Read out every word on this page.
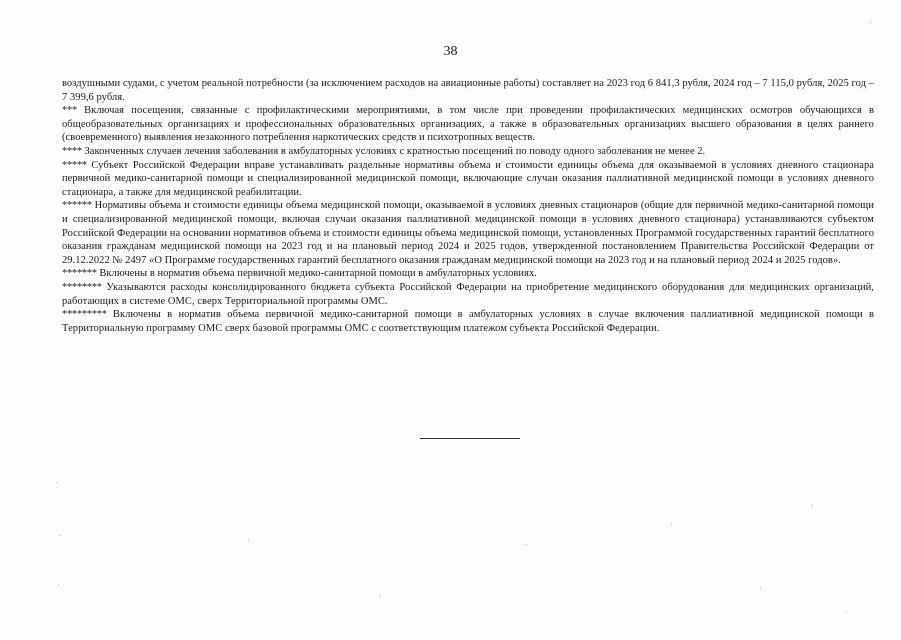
38

воздушными судами, с учетом реальной потребности (за исключением расходов на авиационные работы) составляет на 2023 год 6 841,3 рубля, 2024 год – 7 115,0 рубля, 2025 год – 7 399,6 рубля.

*** Включая посещения, связанные с профилактическими мероприятиями, в том числе при проведении профилактических медицинских осмотров обучающихся в общеобразовательных организациях и профессиональных образовательных организациях, а также в образовательных организациях высшего образования в целях раннего (своевременного) выявления незаконного потребления наркотических средств и психотропных веществ.

**** Законченных случаев лечения заболевания в амбулаторных условиях с кратностью посещений по поводу одного заболевания не менее 2.

***** Субъект Российской Федерации вправе устанавливать раздельные нормативы объема и стоимости единицы объема для оказываемой в условиях дневного стационара первичной медико-санитарной помощи и специализированной медицинской помощи, включающие случаи оказания паллиативной медицинской помощи в условиях дневного стационара, а также для медицинской реабилитации.

****** Нормативы объема и стоимости единицы объема медицинской помощи, оказываемой в условиях дневных стационаров (общие для первичной медико-санитарной помощи и специализированной медицинской помощи, включая случаи оказания паллиативной медицинской помощи в условиях дневного стационара) устанавливаются субъектом Российской Федерации на основании нормативов объема и стоимости единицы объема медицинской помощи, установленных Программой государственных гарантий бесплатного оказания гражданам медицинской помощи на 2023 год и на плановый период 2024 и 2025 годов, утвержденной постановлением Правительства Российской Федерации от 29.12.2022 № 2497 «О Программе государственных гарантий бесплатного оказания гражданам медицинской помощи на 2023 год и на плановый период 2024 и 2025 годов».

******* Включены в норматив объема первичной медико-санитарной помощи в амбулаторных условиях.

******** Указываются расходы консолидированного бюджета субъекта Российской Федерации на приобретение медицинского оборудования для медицинских организаций, работающих в системе ОМС, сверх Территориальной программы ОМС.

********* Включены в норматив объема первичной медико-санитарной помощи в амбулаторных условиях в случае включения паллиативной медицинской помощи в Территориальную программу ОМС сверх базовой программы ОМС с соответствующим платежом субъекта Российской Федерации.
